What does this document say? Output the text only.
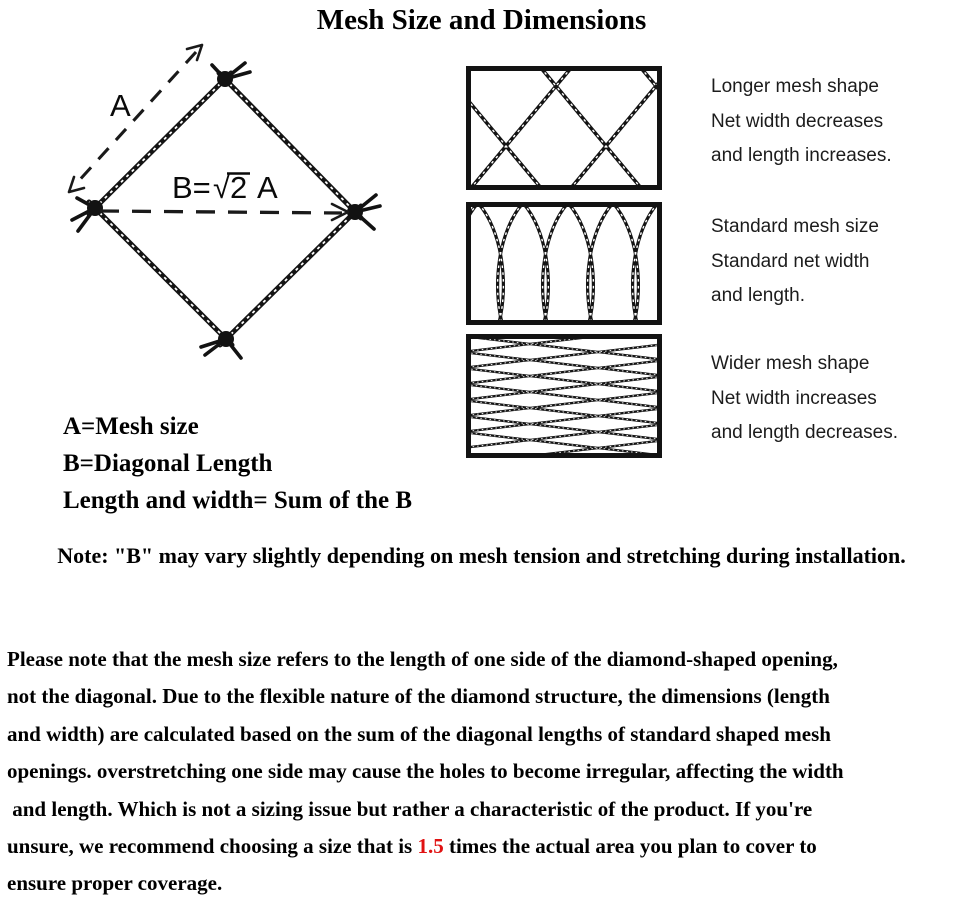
Mesh Size and Dimensions
A
B= √2 A
Longer mesh shape
Net width decreases
and length increases.
Standard mesh size
Standard net width
and length.
Wider mesh shape
Net width increases
and length decreases.
A=Mesh size
B=Diagonal Length
Length and width= Sum of the B
Note: "B" may vary slightly depending on mesh tension and stretching during installation.
Please note that the mesh size refers to the length of one side of the diamond-shaped opening,
not the diagonal. Due to the flexible nature of the diamond structure, the dimensions (length
and width) are calculated based on the sum of the diagonal lengths of standard shaped mesh
openings. overstretching one side may cause the holes to become irregular, affecting the width
and length. Which is not a sizing issue but rather a characteristic of the product. If you're
unsure, we recommend choosing a size that is 1.5 times the actual area you plan to cover to
ensure proper coverage.
